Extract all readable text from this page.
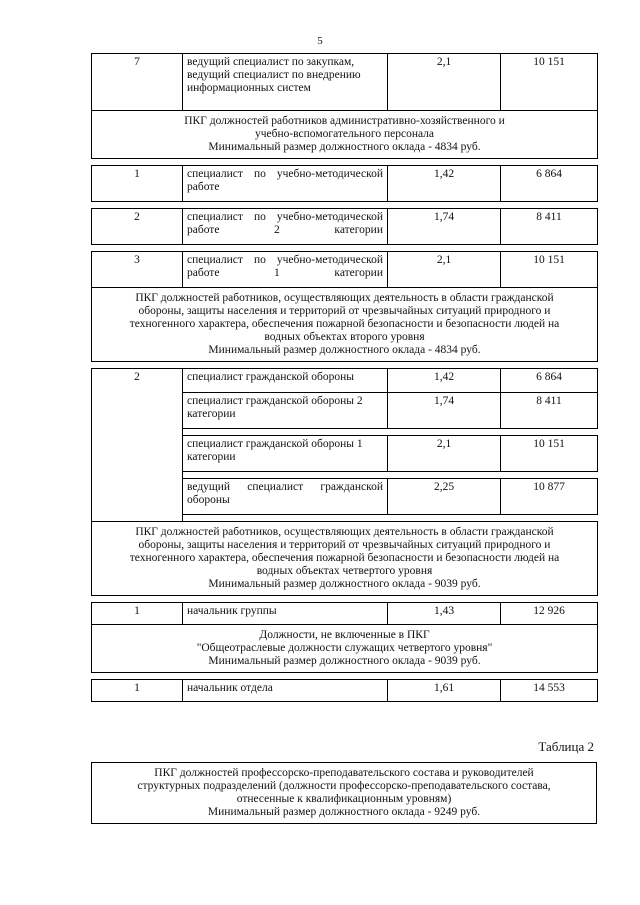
5
7	ведущий специалист по закупкам, ведущий специалист по внедрению информационных систем	2,1	10 151

ПКГ должностей работников административно-хозяйственного и
учебно-вспомогательного персонала
Минимальный размер должностного оклада - 4834 руб.			

1	специалист по учебно-методической работе	1,42	6 864

2	специалист по учебно-методической работе 2 категории	1,74	8 411

3	специалист по учебно-методической работе 1 категории	2,1	10 151

ПКГ должностей работников, осуществляющих деятельность в области гражданской
обороны, защиты населения и территорий от чрезвычайных ситуаций природного и
техногенного характера, обеспечения пожарной безопасности и безопасности людей на
водных объектах второго уровня
Минимальный размер должностного оклада - 4834 руб.			

2	специалист гражданской обороны	1,42	6 864
	специалист гражданской обороны 2 категории	1,74	8 411

	специалист гражданской обороны 1 категории	2,1	10 151

	ведущий специалист гражданской обороны	2,25	10 877

ПКГ должностей работников, осуществляющих деятельность в области гражданской
обороны, защиты населения и территорий от чрезвычайных ситуаций природного и
техногенного характера, обеспечения пожарной безопасности и безопасности людей на
водных объектах четвертого уровня
Минимальный размер должностного оклада - 9039 руб.			

1	начальник группы	1,43	12 926

Должности, не включенные в ПКГ
"Общеотраслевые должности служащих четвертого уровня"
Минимальный размер должностного оклада - 9039 руб.			

1	начальник отдела	1,61	14 553
Таблица 2
ПКГ должностей профессорско-преподавательского состава и руководителей
структурных подразделений (должности профессорско-преподавательского состава,
отнесенные к квалификационным уровням)
Минимальный размер должностного оклада - 9249 руб.
